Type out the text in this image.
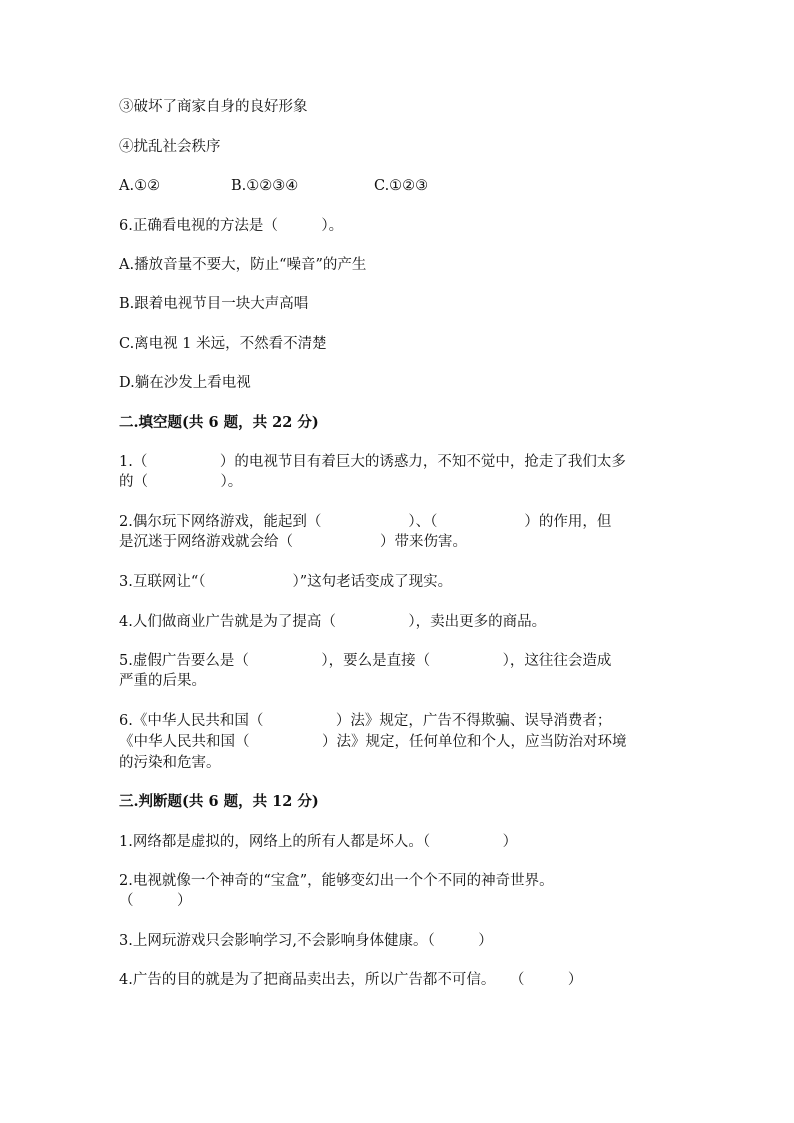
③破坏了商家自身的良好形象
④扰乱社会秩序
A.①②	B.①②③④	C.①②③
6.正确看电视的方法是（　　　）。
A.播放音量不要大，防止“噪音”的产生
B.跟着电视节目一块大声高唱
C.离电视 1 米远，不然看不清楚
D.躺在沙发上看电视
二.填空题(共 6 题，共 22 分)
1.（　　　　　）的电视节目有着巨大的诱惑力，不知不觉中，抢走了我们太多
的（　　　　　）。
2.偶尔玩下网络游戏，能起到（　　　　　　）、（　　　　　　）的作用，但
是沉迷于网络游戏就会给（　　　　　　）带来伤害。
3.互联网让“（　　　　　　）”这句老话变成了现实。
4.人们做商业广告就是为了提高（　　　　　），卖出更多的商品。
5.虚假广告要么是（　　　　　），要么是直接（　　　　　），这往往会造成
严重的后果。
6.《中华人民共和国（　　　　　）法》规定，广告不得欺骗、误导消费者；
《中华人民共和国（　　　　　）法》规定，任何单位和个人，应当防治对环境
的污染和危害。
三.判断题(共 6 题，共 12 分)
1.网络都是虚拟的，网络上的所有人都是坏人。（　　　　　）
2.电视就像一个神奇的“宝盒”，能够变幻出一个个不同的神奇世界。
（　　　）
3.上网玩游戏只会影响学习,不会影响身体健康。（　　　）
4.广告的目的就是为了把商品卖出去，所以广告都不可信。　　（　　　）
